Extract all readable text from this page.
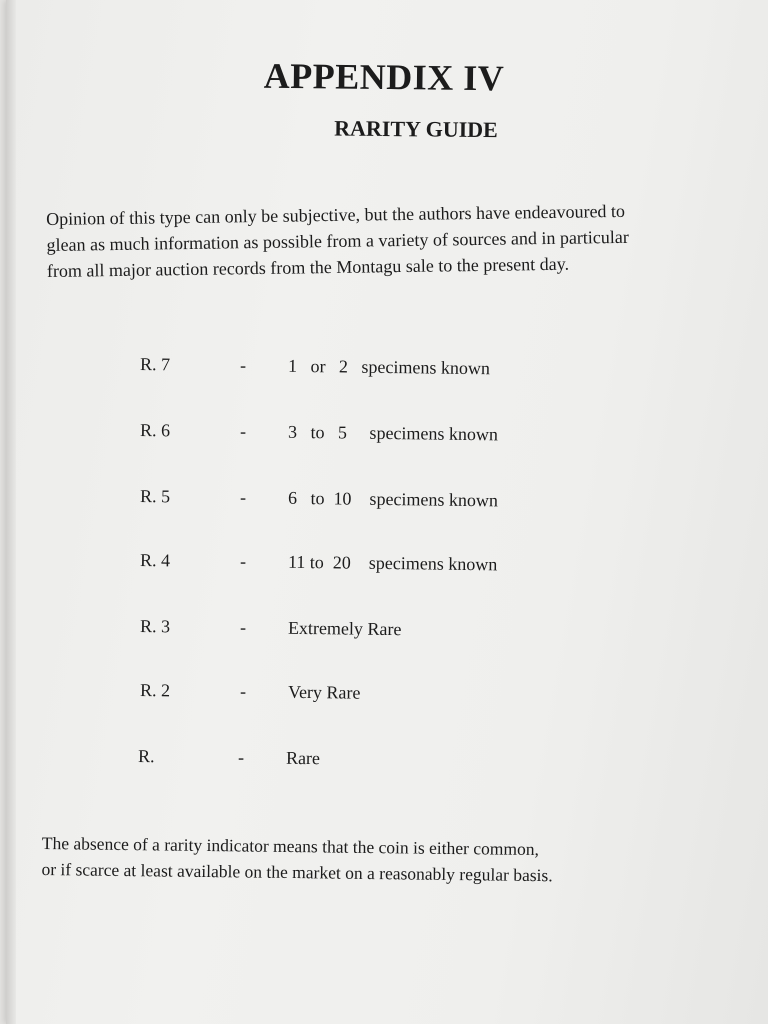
APPENDIX IV
RARITY GUIDE
Opinion of this type can only be subjective, but the authors have endeavoured to
glean as much information as possible from a variety of sources and in particular
from all major auction records from the Montagu sale to the present day.
R. 7	- 1   or   2   specimens known
R. 6	- 3   to   5     specimens known
R. 5	- 6   to  10    specimens known
R. 4	- 11 to  20    specimens known
R. 3	- Extremely Rare
R. 2	- Very Rare
R.	- Rare
The absence of a rarity indicator means that the coin is either common,
or if scarce at least available on the market on a reasonably regular basis.
